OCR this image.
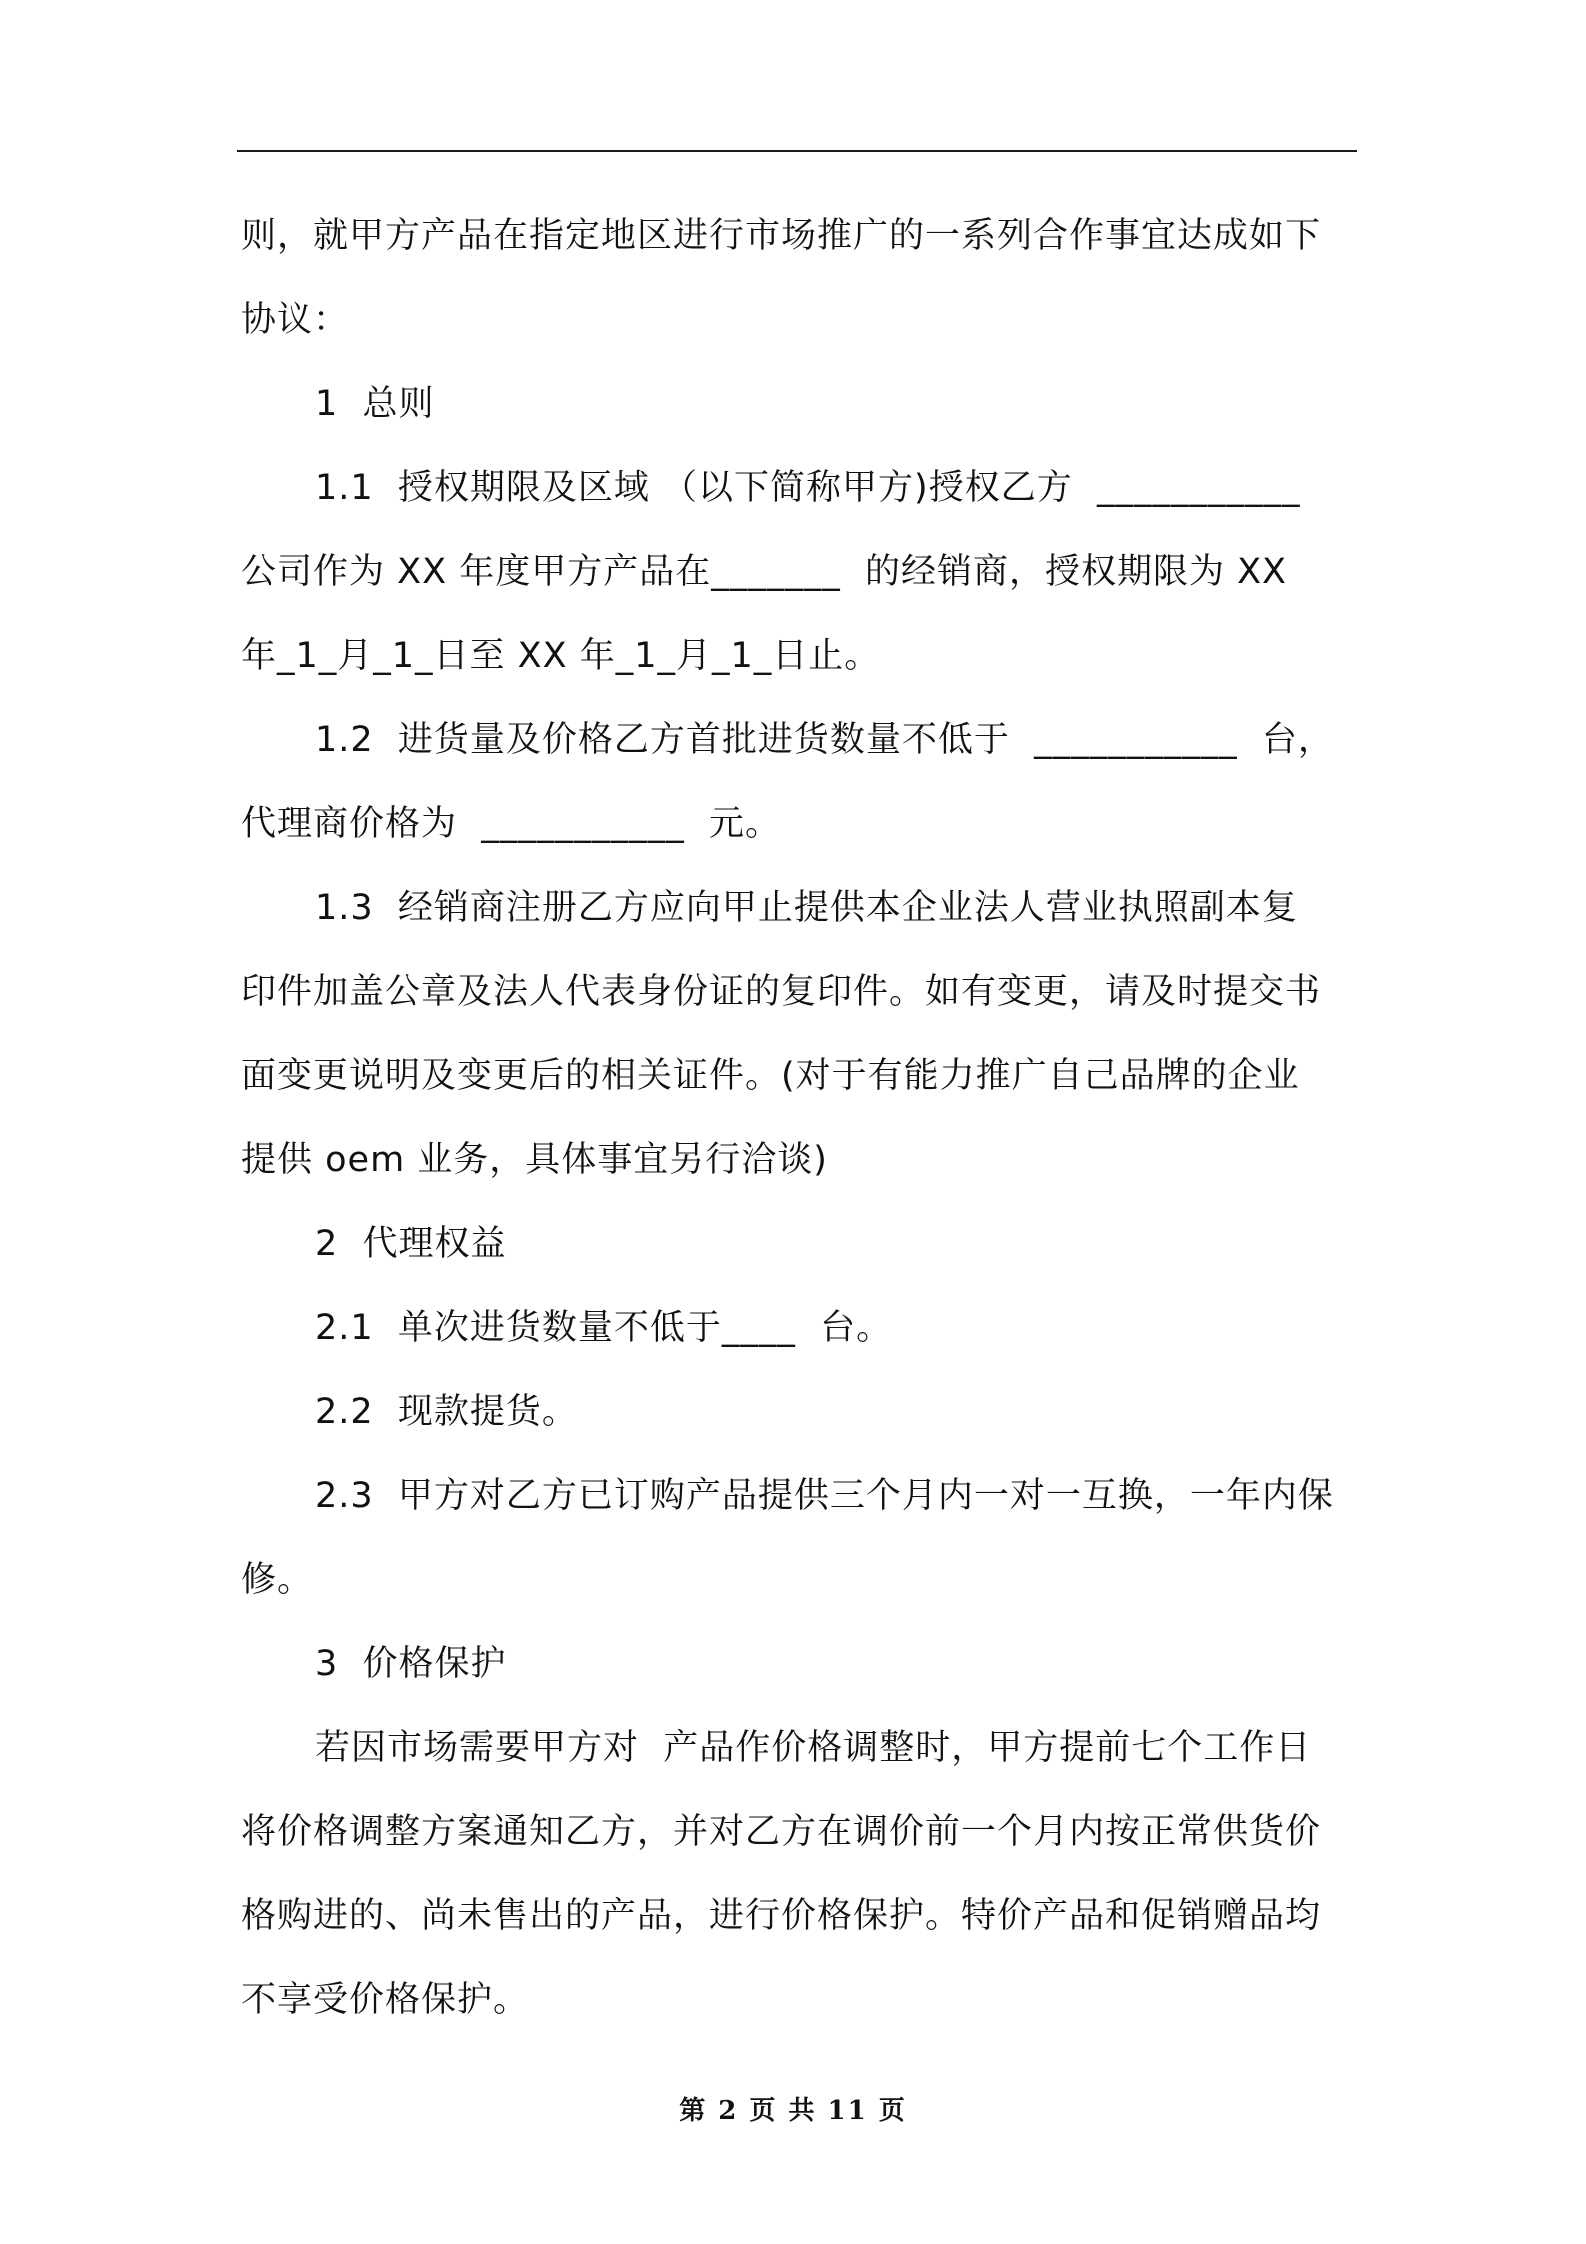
则，就甲方产品在指定地区进行市场推广的一系列合作事宜达成如下
协议：
1  总则
1.1  授权期限及区域 （以下简称甲方)授权乙方  ___________
公司作为 XX 年度甲方产品在_______  的经销商，授权期限为 XX
年_1_月_1_日至 XX 年_1_月_1_日止。
1.2  进货量及价格乙方首批进货数量不低于  ___________  台，
代理商价格为  ___________  元。
1.3  经销商注册乙方应向甲止提供本企业法人营业执照副本复
印件加盖公章及法人代表身份证的复印件。如有变更，请及时提交书
面变更说明及变更后的相关证件。(对于有能力推广自己品牌的企业
提供 oem 业务，具体事宜另行洽谈)
2  代理权益
2.1  单次进货数量不低于____  台。
2.2  现款提货。
2.3  甲方对乙方已订购产品提供三个月内一对一互换，一年内保
修。
3  价格保护
若因市场需要甲方对  产品作价格调整时，甲方提前七个工作日
将价格调整方案通知乙方，并对乙方在调价前一个月内按正常供货价
格购进的、尚未售出的产品，进行价格保护。特价产品和促销赠品均
不享受价格保护。
第 2 页 共 11 页
